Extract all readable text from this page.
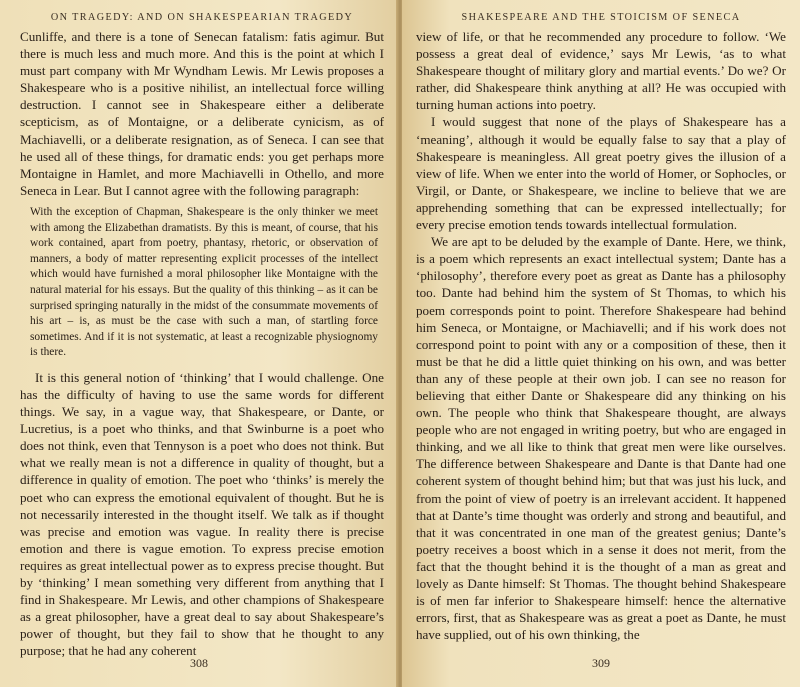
ON TRAGEDY: AND ON SHAKESPEARIAN TRAGEDY

Cunliffe, and there is a tone of Senecan fatalism: fatis agimur. But there is much less and much more. And this is the point at which I must part company with Mr Wyndham Lewis. Mr Lewis proposes a Shakespeare who is a positive nihilist, an intellectual force willing destruction. I cannot see in Shakespeare either a deliberate scepticism, as of Montaigne, or a deliberate cynicism, as of Machiavelli, or a deliberate resignation, as of Seneca. I can see that he used all of these things, for dramatic ends: you get perhaps more Montaigne in Hamlet, and more Machiavelli in Othello, and more Seneca in Lear. But I cannot agree with the following paragraph:

With the exception of Chapman, Shakespeare is the only thinker we meet with among the Elizabethan dramatists. By this is meant, of course, that his work contained, apart from poetry, phantasy, rhetoric, or observation of manners, a body of matter representing explicit processes of the intellect which would have furnished a moral philosopher like Montaigne with the natural material for his essays. But the quality of this thinking – as it can be surprised springing naturally in the midst of the consummate movements of his art – is, as must be the case with such a man, of startling force sometimes. And if it is not systematic, at least a recognizable physiognomy is there.

It is this general notion of ‘thinking’ that I would challenge. One has the difficulty of having to use the same words for different things. We say, in a vague way, that Shakespeare, or Dante, or Lucretius, is a poet who thinks, and that Swinburne is a poet who does not think, even that Tennyson is a poet who does not think. But what we really mean is not a difference in quality of thought, but a difference in quality of emotion. The poet who ‘thinks’ is merely the poet who can express the emotional equivalent of thought. But he is not necessarily interested in the thought itself. We talk as if thought was precise and emotion was vague. In reality there is precise emotion and there is vague emotion. To express precise emotion requires as great intellectual power as to express precise thought. But by ‘thinking’ I mean something very different from anything that I find in Shakespeare. Mr Lewis, and other champions of Shakespeare as a great philosopher, have a great deal to say about Shakespeare’s power of thought, but they fail to show that he thought to any purpose; that he had any coherent

308
SHAKESPEARE AND THE STOICISM OF SENECA

view of life, or that he recommended any procedure to follow. ‘We possess a great deal of evidence,’ says Mr Lewis, ‘as to what Shakespeare thought of military glory and martial events.’ Do we? Or rather, did Shakespeare think anything at all? He was occupied with turning human actions into poetry.

I would suggest that none of the plays of Shakespeare has a ‘meaning’, although it would be equally false to say that a play of Shakespeare is meaningless. All great poetry gives the illusion of a view of life. When we enter into the world of Homer, or Sophocles, or Virgil, or Dante, or Shakespeare, we incline to believe that we are apprehending something that can be expressed intellectually; for every precise emotion tends towards intellectual formulation.

We are apt to be deluded by the example of Dante. Here, we think, is a poem which represents an exact intellectual system; Dante has a ‘philosophy’, therefore every poet as great as Dante has a philosophy too. Dante had behind him the system of St Thomas, to which his poem corresponds point to point. Therefore Shakespeare had behind him Seneca, or Montaigne, or Machiavelli; and if his work does not correspond point to point with any or a composition of these, then it must be that he did a little quiet thinking on his own, and was better than any of these people at their own job. I can see no reason for believing that either Dante or Shakespeare did any thinking on his own. The people who think that Shakespeare thought, are always people who are not engaged in writing poetry, but who are engaged in thinking, and we all like to think that great men were like ourselves. The difference between Shakespeare and Dante is that Dante had one coherent system of thought behind him; but that was just his luck, and from the point of view of poetry is an irrelevant accident. It happened that at Dante’s time thought was orderly and strong and beautiful, and that it was concentrated in one man of the greatest genius; Dante’s poetry receives a boost which in a sense it does not merit, from the fact that the thought behind it is the thought of a man as great and lovely as Dante himself: St Thomas. The thought behind Shakespeare is of men far inferior to Shakespeare himself: hence the alternative errors, first, that as Shakespeare was as great a poet as Dante, he must have supplied, out of his own thinking, the

309
